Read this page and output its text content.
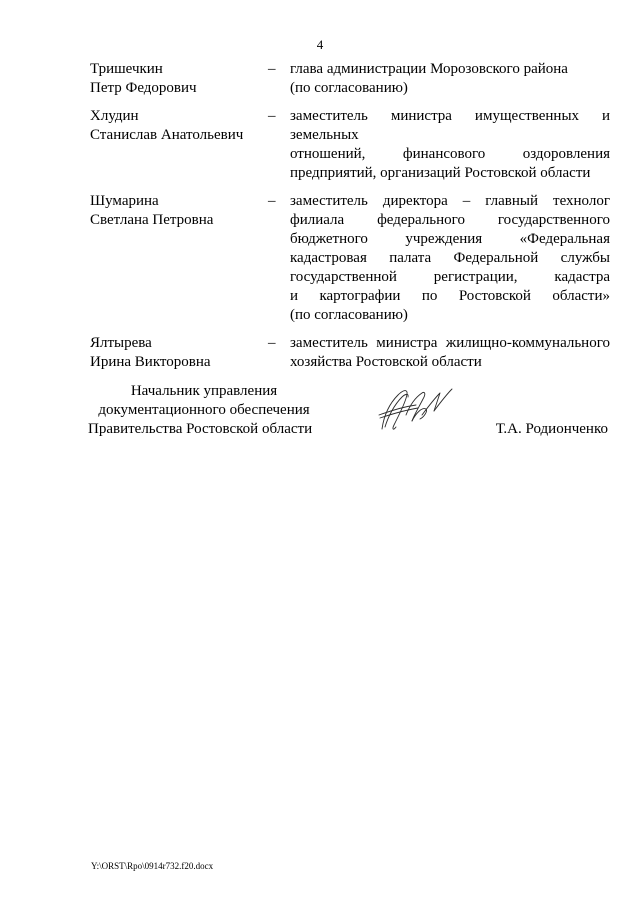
4
Тришечкин
Петр Федорович
– глава администрации Морозовского района
(по согласованию)
Хлудин
Станислав Анатольевич
– заместитель министра имущественных и земельных
отношений, финансового оздоровления
предприятий, организаций Ростовской области
Шумарина
Светлана Петровна
– заместитель директора – главный технолог
филиала федерального государственного
бюджетного учреждения «Федеральная
кадастровая палата Федеральной службы
государственной регистрации, кадастра
и картографии по Ростовской области»
(по согласованию)
Ялтырева
Ирина Викторовна
– заместитель министра жилищно-коммунального
хозяйства Ростовской области
Начальник управления
документационного обеспечения
Правительства Ростовской области	Т.А. Родионченко
Y:\ORST\Rpo\0914r732.f20.docx
